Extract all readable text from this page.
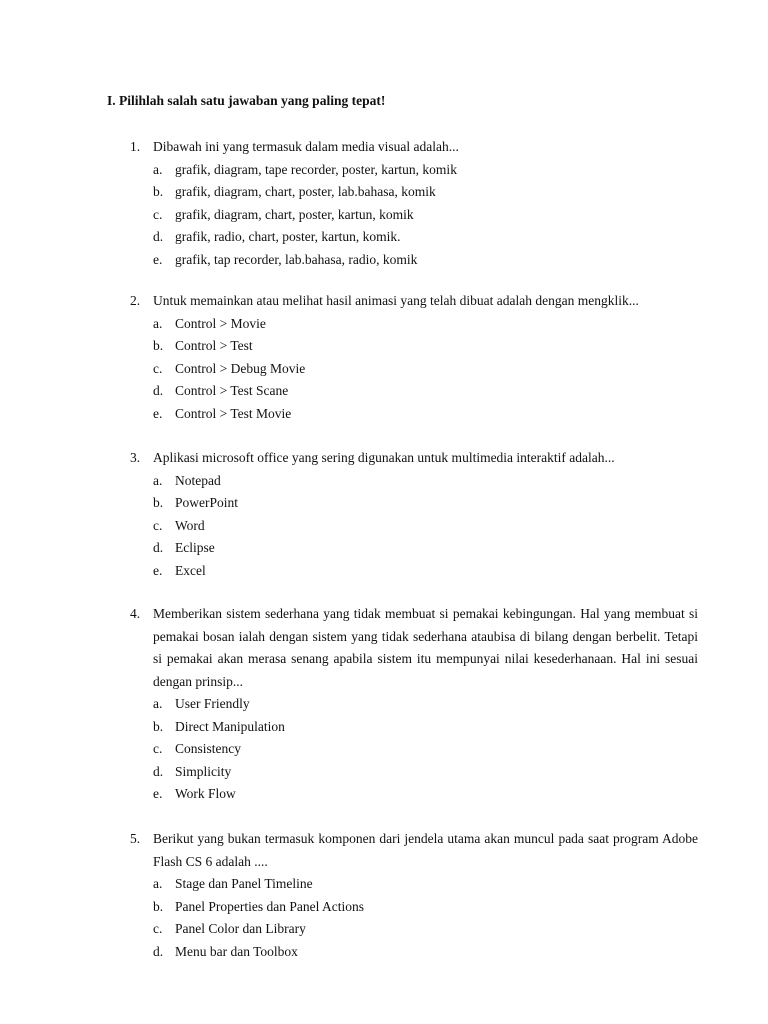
I. Pilihlah salah satu jawaban yang paling tepat!
1. Dibawah ini yang termasuk dalam media visual adalah...
a. grafik, diagram, tape recorder, poster, kartun, komik
b. grafik, diagram, chart, poster, lab.bahasa, komik
c. grafik, diagram, chart, poster, kartun, komik
d. grafik, radio, chart, poster, kartun, komik.
e. grafik, tap recorder, lab.bahasa, radio, komik
2. Untuk memainkan atau melihat hasil animasi yang telah dibuat adalah dengan mengklik...
a. Control > Movie
b. Control > Test
c. Control > Debug Movie
d. Control > Test Scane
e. Control > Test Movie
3. Aplikasi microsoft office yang sering digunakan untuk multimedia interaktif adalah...
a. Notepad
b. PowerPoint
c. Word
d. Eclipse
e. Excel
4. Memberikan sistem sederhana yang tidak membuat si pemakai kebingungan. Hal yang membuat si pemakai bosan ialah dengan sistem yang tidak sederhana ataubisa di bilang dengan berbelit. Tetapi si pemakai akan merasa senang apabila sistem itu mempunyai nilai kesederhanaan. Hal ini sesuai dengan prinsip...
a. User Friendly
b. Direct Manipulation
c. Consistency
d. Simplicity
e. Work Flow
5. Berikut yang bukan termasuk komponen dari jendela utama akan muncul pada saat program Adobe Flash CS 6 adalah ....
a. Stage dan Panel Timeline
b. Panel Properties dan Panel Actions
c. Panel Color dan Library
d. Menu bar dan Toolbox
